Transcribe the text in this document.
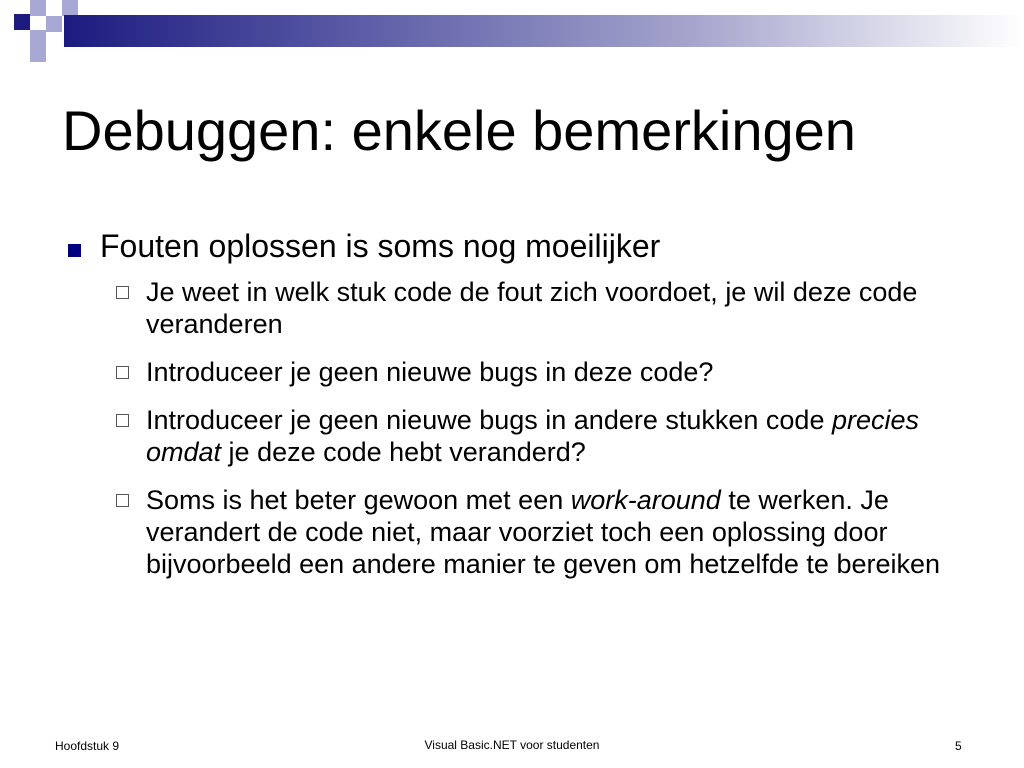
Debuggen: enkele bemerkingen

Fouten oplossen is soms nog moeilijker

Je weet in welk stuk code de fout zich voordoet, je wil deze code veranderen
Introduceer je geen nieuwe bugs in deze code?
Introduceer je geen nieuwe bugs in andere stukken code precies omdat je deze code hebt veranderd?
Soms is het beter gewoon met een work-around te werken. Je verandert de code niet, maar voorziet toch een oplossing door bijvoorbeeld een andere manier te geven om hetzelfde te bereiken
Hoofdstuk 9	Visual Basic.NET voor studenten	5
